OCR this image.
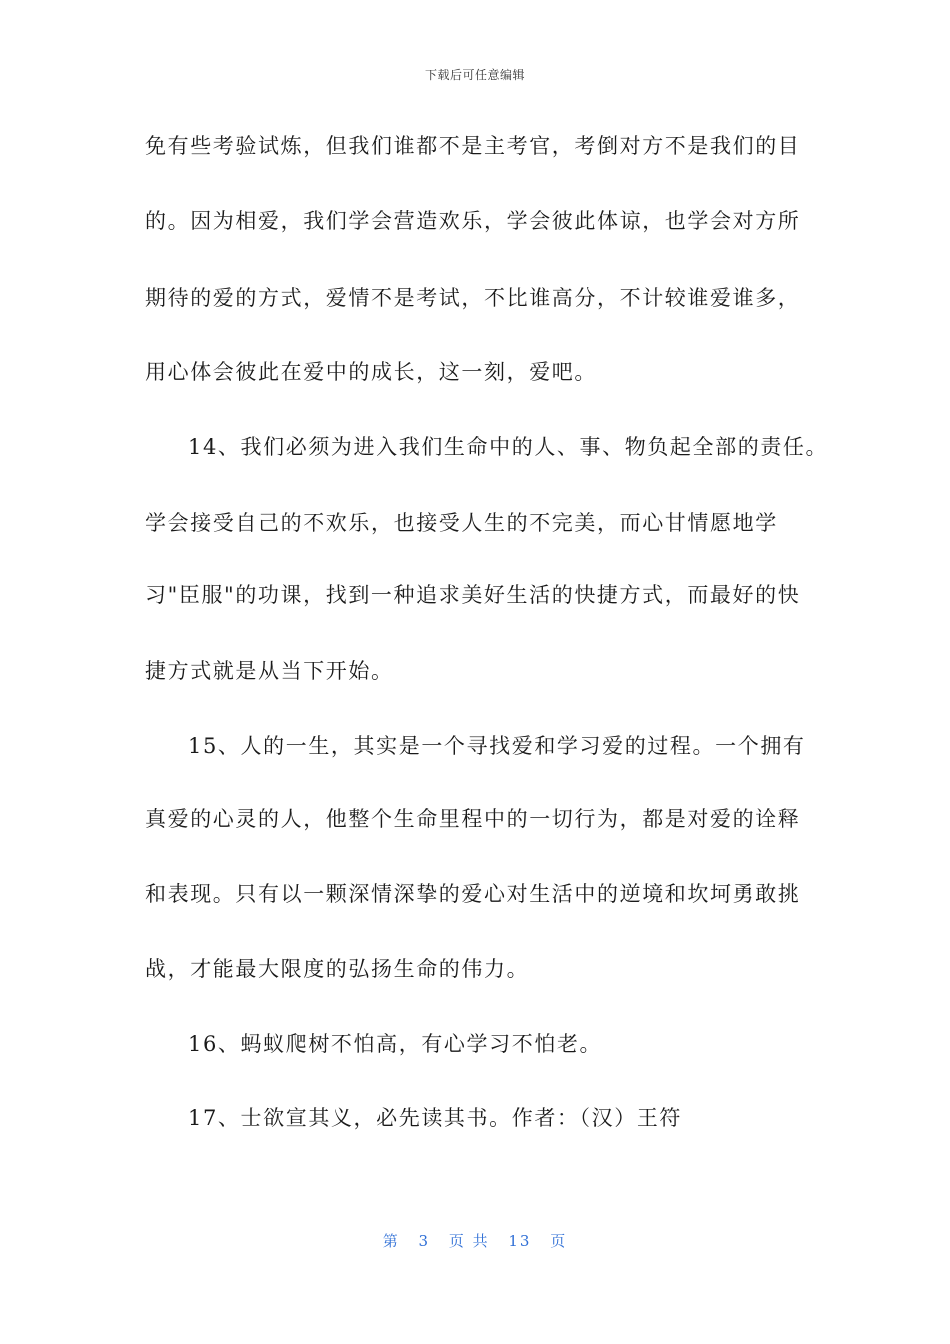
下载后可任意编辑
免有些考验试炼，但我们谁都不是主考官，考倒对方不是我们的目
的。因为相爱，我们学会营造欢乐，学会彼此体谅，也学会对方所
期待的爱的方式，爱情不是考试，不比谁高分，不计较谁爱谁多，
用心体会彼此在爱中的成长，这一刻，爱吧。
14、我们必须为进入我们生命中的人、事、物负起全部的责任。
学会接受自己的不欢乐，也接受人生的不完美，而心甘情愿地学
习"臣服"的功课，找到一种追求美好生活的快捷方式，而最好的快
捷方式就是从当下开始。
15、人的一生，其实是一个寻找爱和学习爱的过程。一个拥有
真爱的心灵的人，他整个生命里程中的一切行为，都是对爱的诠释
和表现。只有以一颗深情深挚的爱心对生活中的逆境和坎坷勇敢挑
战，才能最大限度的弘扬生命的伟力。
16、蚂蚁爬树不怕高，有心学习不怕老。
17、士欲宣其义，必先读其书。作者：（汉）王符
第 3 页 共 13 页
